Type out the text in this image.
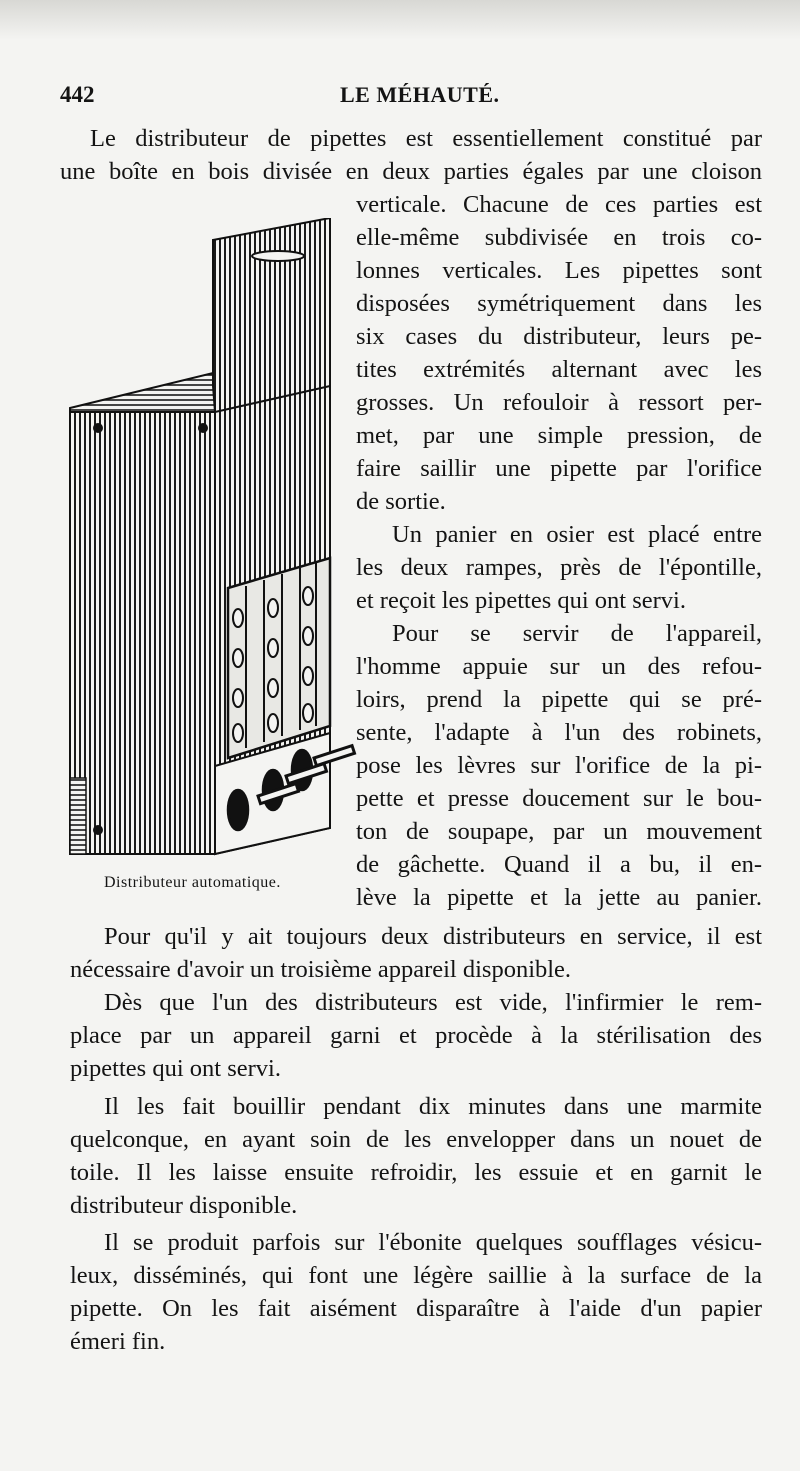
442	LE MÉHAUTÉ.
Distributeur automatique.

Le distributeur de pipettes est essentiellement constitué par

une boîte en bois divisée en deux parties égales par une cloison

verticale. Chacune de ces parties est

elle-même subdivisée en trois co-

lonnes verticales. Les pipettes sont

disposées symétriquement dans les

six cases du distributeur, leurs pe-

tites extrémités alternant avec les

grosses. Un refouloir à ressort per-

met, par une simple pression, de

faire saillir une pipette par l'orifice

de sortie.

Un panier en osier est placé entre

les deux rampes, près de l'épontille,

et reçoit les pipettes qui ont servi.

Pour se servir de l'appareil,

l'homme appuie sur un des refou-

loirs, prend la pipette qui se pré-

sente, l'adapte à l'un des robinets,

pose les lèvres sur l'orifice de la pi-

pette et presse doucement sur le bou-

ton de soupape, par un mouvement

de gâchette. Quand il a bu, il en-

lève la pipette et la jette au panier.

Pour qu'il y ait toujours deux distributeurs en service, il est

nécessaire d'avoir un troisième appareil disponible.

Dès que l'un des distributeurs est vide, l'infirmier le rem-

place par un appareil garni et procède à la stérilisation des

pipettes qui ont servi.

Il les fait bouillir pendant dix minutes dans une marmite

quelconque, en ayant soin de les envelopper dans un nouet de

toile. Il les laisse ensuite refroidir, les essuie et en garnit le

distributeur disponible.

Il se produit parfois sur l'ébonite quelques soufflages vésicu-

leux, disséminés, qui font une légère saillie à la surface de la

pipette. On les fait aisément disparaître à l'aide d'un papier

émeri fin.
